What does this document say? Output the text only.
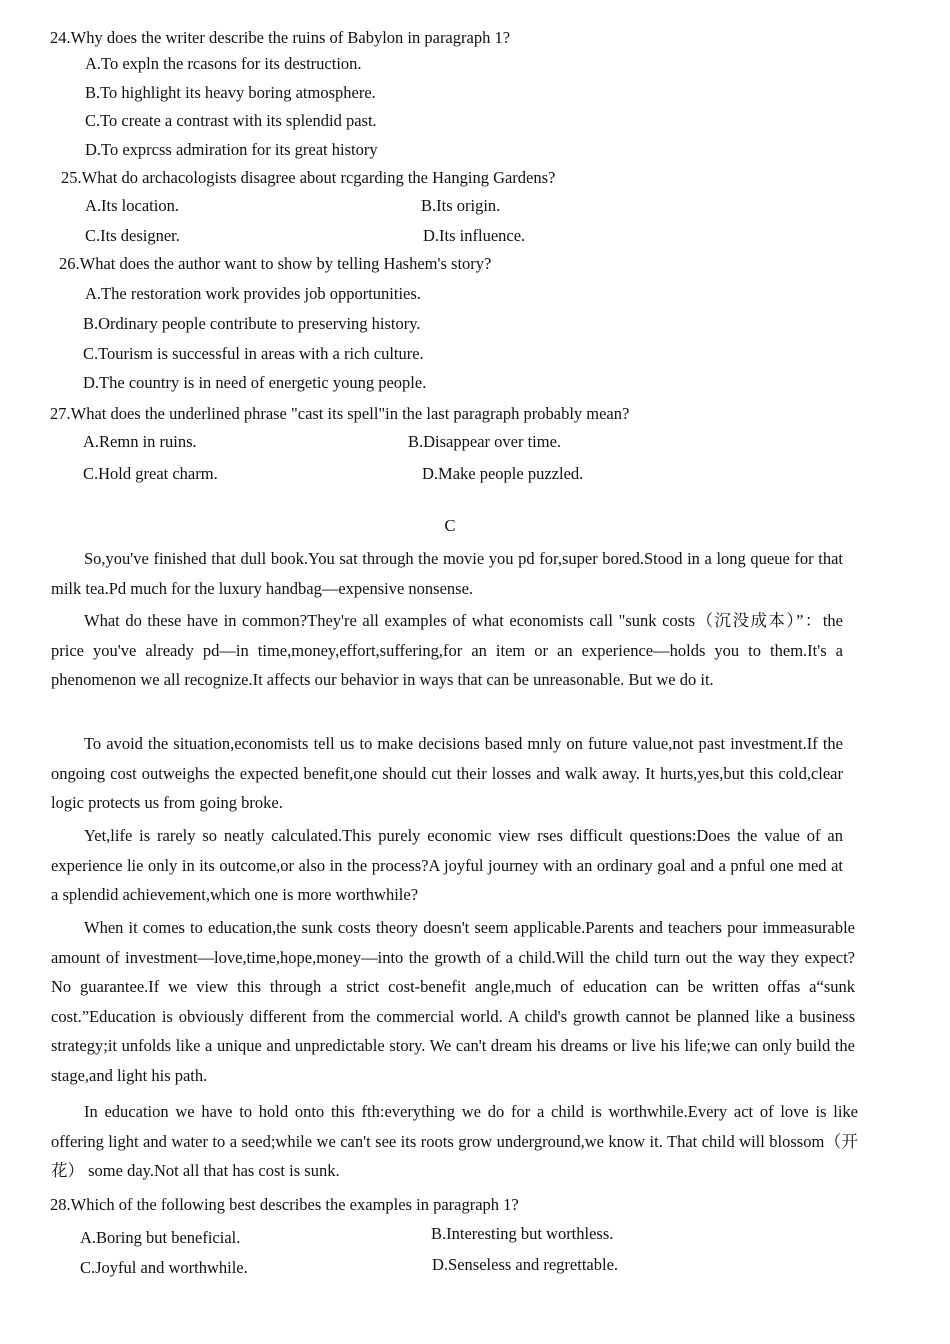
24.Why does the writer describe the ruins of Babylon in paragraph 1?
A.To expln the rcasons for its destruction.
B.To highlight its heavy boring atmosphere.
C.To create a contrast with its splendid past.
D.To exprcss admiration for its great history
25.What do archacologists disagree about rcgarding the Hanging Gardens?
A.Its location.	B.Its origin.
C.Its designer.	D.Its influence.
26.What does the author want to show by telling Hashem's story?
A.The restoration work provides job opportunities.
B.Ordinary people contribute to preserving history.
C.Tourism is successful in areas with a rich culture.
D.The country is in need of energetic young people.
27.What does the underlined phrase "cast its spell"in the last paragraph probably mean?
A.Remn in ruins.	B.Disappear over time.
C.Hold great charm.	D.Make people puzzled.
C
So,you've finished that dull book.You sat through the movie you pd for,super bored.Stood in a long queue for that milk tea.Pd much for the luxury handbag—expensive nonsense.
What do these have in common?They're all examples of what economists call "sunk costs（沉没成本）”：the price you've already pd—in time,money,effort,suffering,for an item or an experience—holds you to them.It's a phenomenon we all recognize.It affects our behavior in ways that can be unreasonable. But we do it.
To avoid the situation,economists tell us to make decisions based mnly on future value,not past investment.If the ongoing cost outweighs the expected benefit,one should cut their losses and walk away. It hurts,yes,but this cold,clear logic protects us from going broke.
Yet,life is rarely so neatly calculated.This purely economic view rses difficult questions:Does the value of an experience lie only in its outcome,or also in the process?A joyful journey with an ordinary goal and a pnful one med at a splendid achievement,which one is more worthwhile?
When it comes to education,the sunk costs theory doesn't seem applicable.Parents and teachers pour immeasurable amount of investment—love,time,hope,money—into the growth of a child.Will the child turn out the way they expect?No guarantee.If we view this through a strict cost-benefit angle,much of education can be written offas a“sunk cost.”Education is obviously different from the commercial world. A child's growth cannot be planned like a business strategy;it unfolds like a unique and unpredictable story. We can't dream his dreams or live his life;we can only build the stage,and light his path.
In education we have to hold onto this fth:everything we do for a child is worthwhile.Every act of love is like offering light and water to a seed;while we can't see its roots grow underground,we know it. That child will blossom（开花） some day.Not all that has cost is sunk.
28.Which of the following best describes the examples in paragraph 1?
A.Boring but beneficial.	B.Interesting but worthless.
C.Joyful and worthwhile.	D.Senseless and regrettable.
